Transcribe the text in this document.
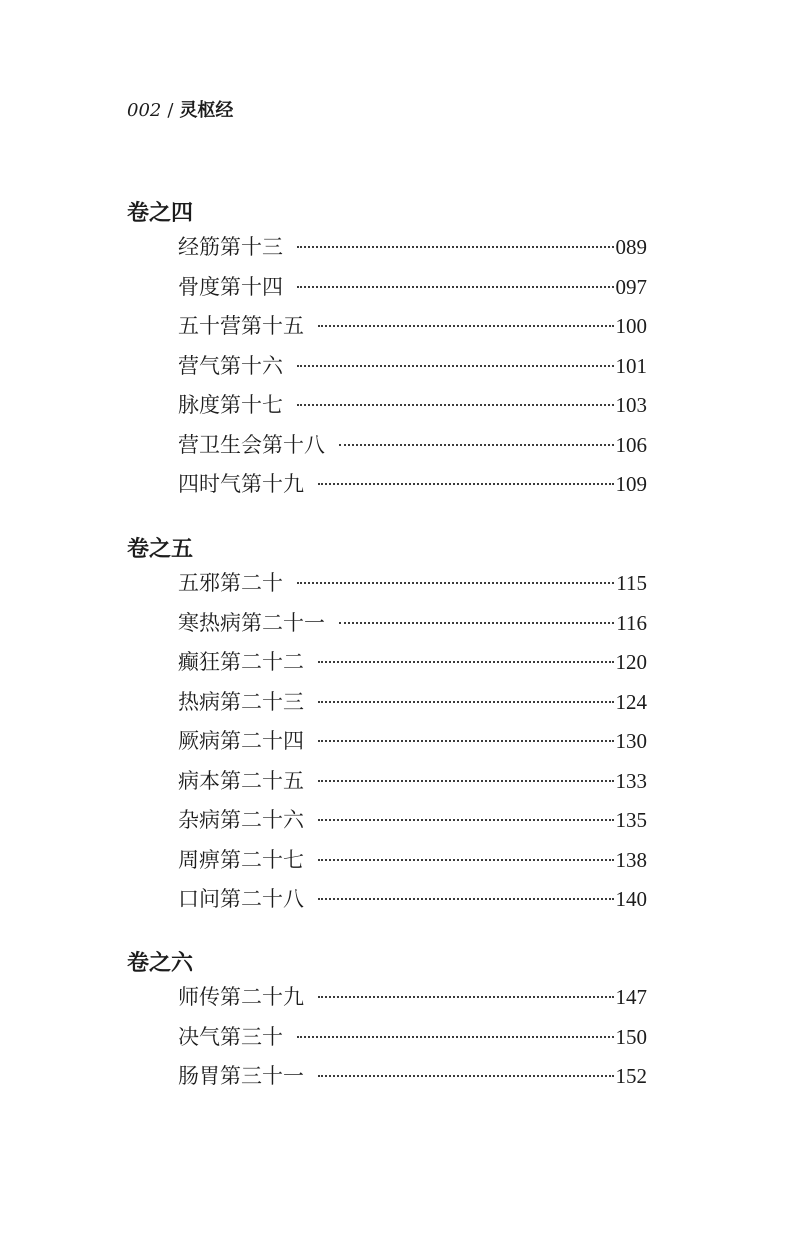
002 / 灵枢经
卷之四
经筋第十三	089
骨度第十四	097
五十营第十五	100
营气第十六	101
脉度第十七	103
营卫生会第十八	106
四时气第十九	109
卷之五
五邪第二十	115
寒热病第二十一	116
癫狂第二十二	120
热病第二十三	124
厥病第二十四	130
病本第二十五	133
杂病第二十六	135
周痹第二十七	138
口问第二十八	140
卷之六
师传第二十九	147
决气第三十	150
肠胃第三十一	152
